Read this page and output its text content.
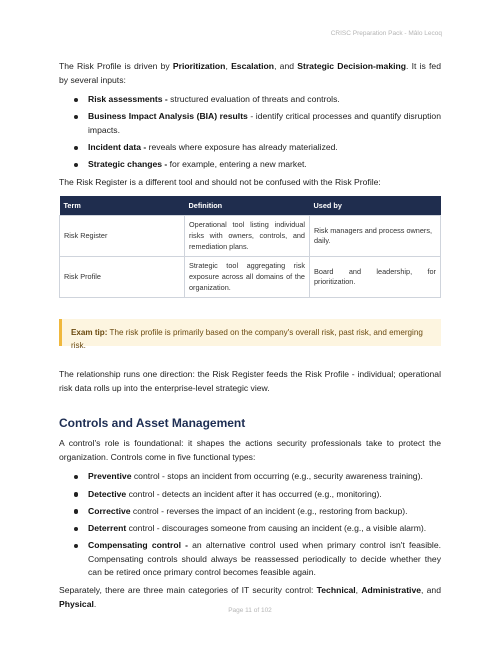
CRISC Preparation Pack - Mâlo Lecoq

The Risk Profile is driven by Prioritization, Escalation, and Strategic Decision-making. It is fed by several inputs:

Risk assessments - structured evaluation of threats and controls.
Business Impact Analysis (BIA) results - identify critical processes and quantify disruption impacts.
Incident data - reveals where exposure has already materialized.
Strategic changes - for example, entering a new market.

The Risk Register is a different tool and should not be confused with the Risk Profile:

Term	Definition	Used by
Risk Register	Operational tool listing individual risks with owners, controls, and remediation plans.	Risk managers and process owners, daily.
Risk Profile	Strategic tool aggregating risk exposure across all domains of the organization.	Board and leadership, for prioritization.
Exam tip: The risk profile is primarily based on the company's overall risk, past risk, and emerging risk.

The relationship runs one direction: the Risk Register feeds the Risk Profile - individual; operational risk data rolls up into the enterprise-level strategic view.

Controls and Asset Management

A control's role is foundational: it shapes the actions security professionals take to protect the organization. Controls come in five functional types:

Preventive control - stops an incident from occurring (e.g., security awareness training).
Detective control - detects an incident after it has occurred (e.g., monitoring).
Corrective control - reverses the impact of an incident (e.g., restoring from backup).
Deterrent control - discourages someone from causing an incident (e.g., a visible alarm).
Compensating control - an alternative control used when primary control isn't feasible. Compensating controls should always be reassessed periodically to decide whether they can be retired once primary control becomes feasible again.

Separately, there are three main categories of IT security control: Technical, Administrative, and Physical.

Page 11 of 102
